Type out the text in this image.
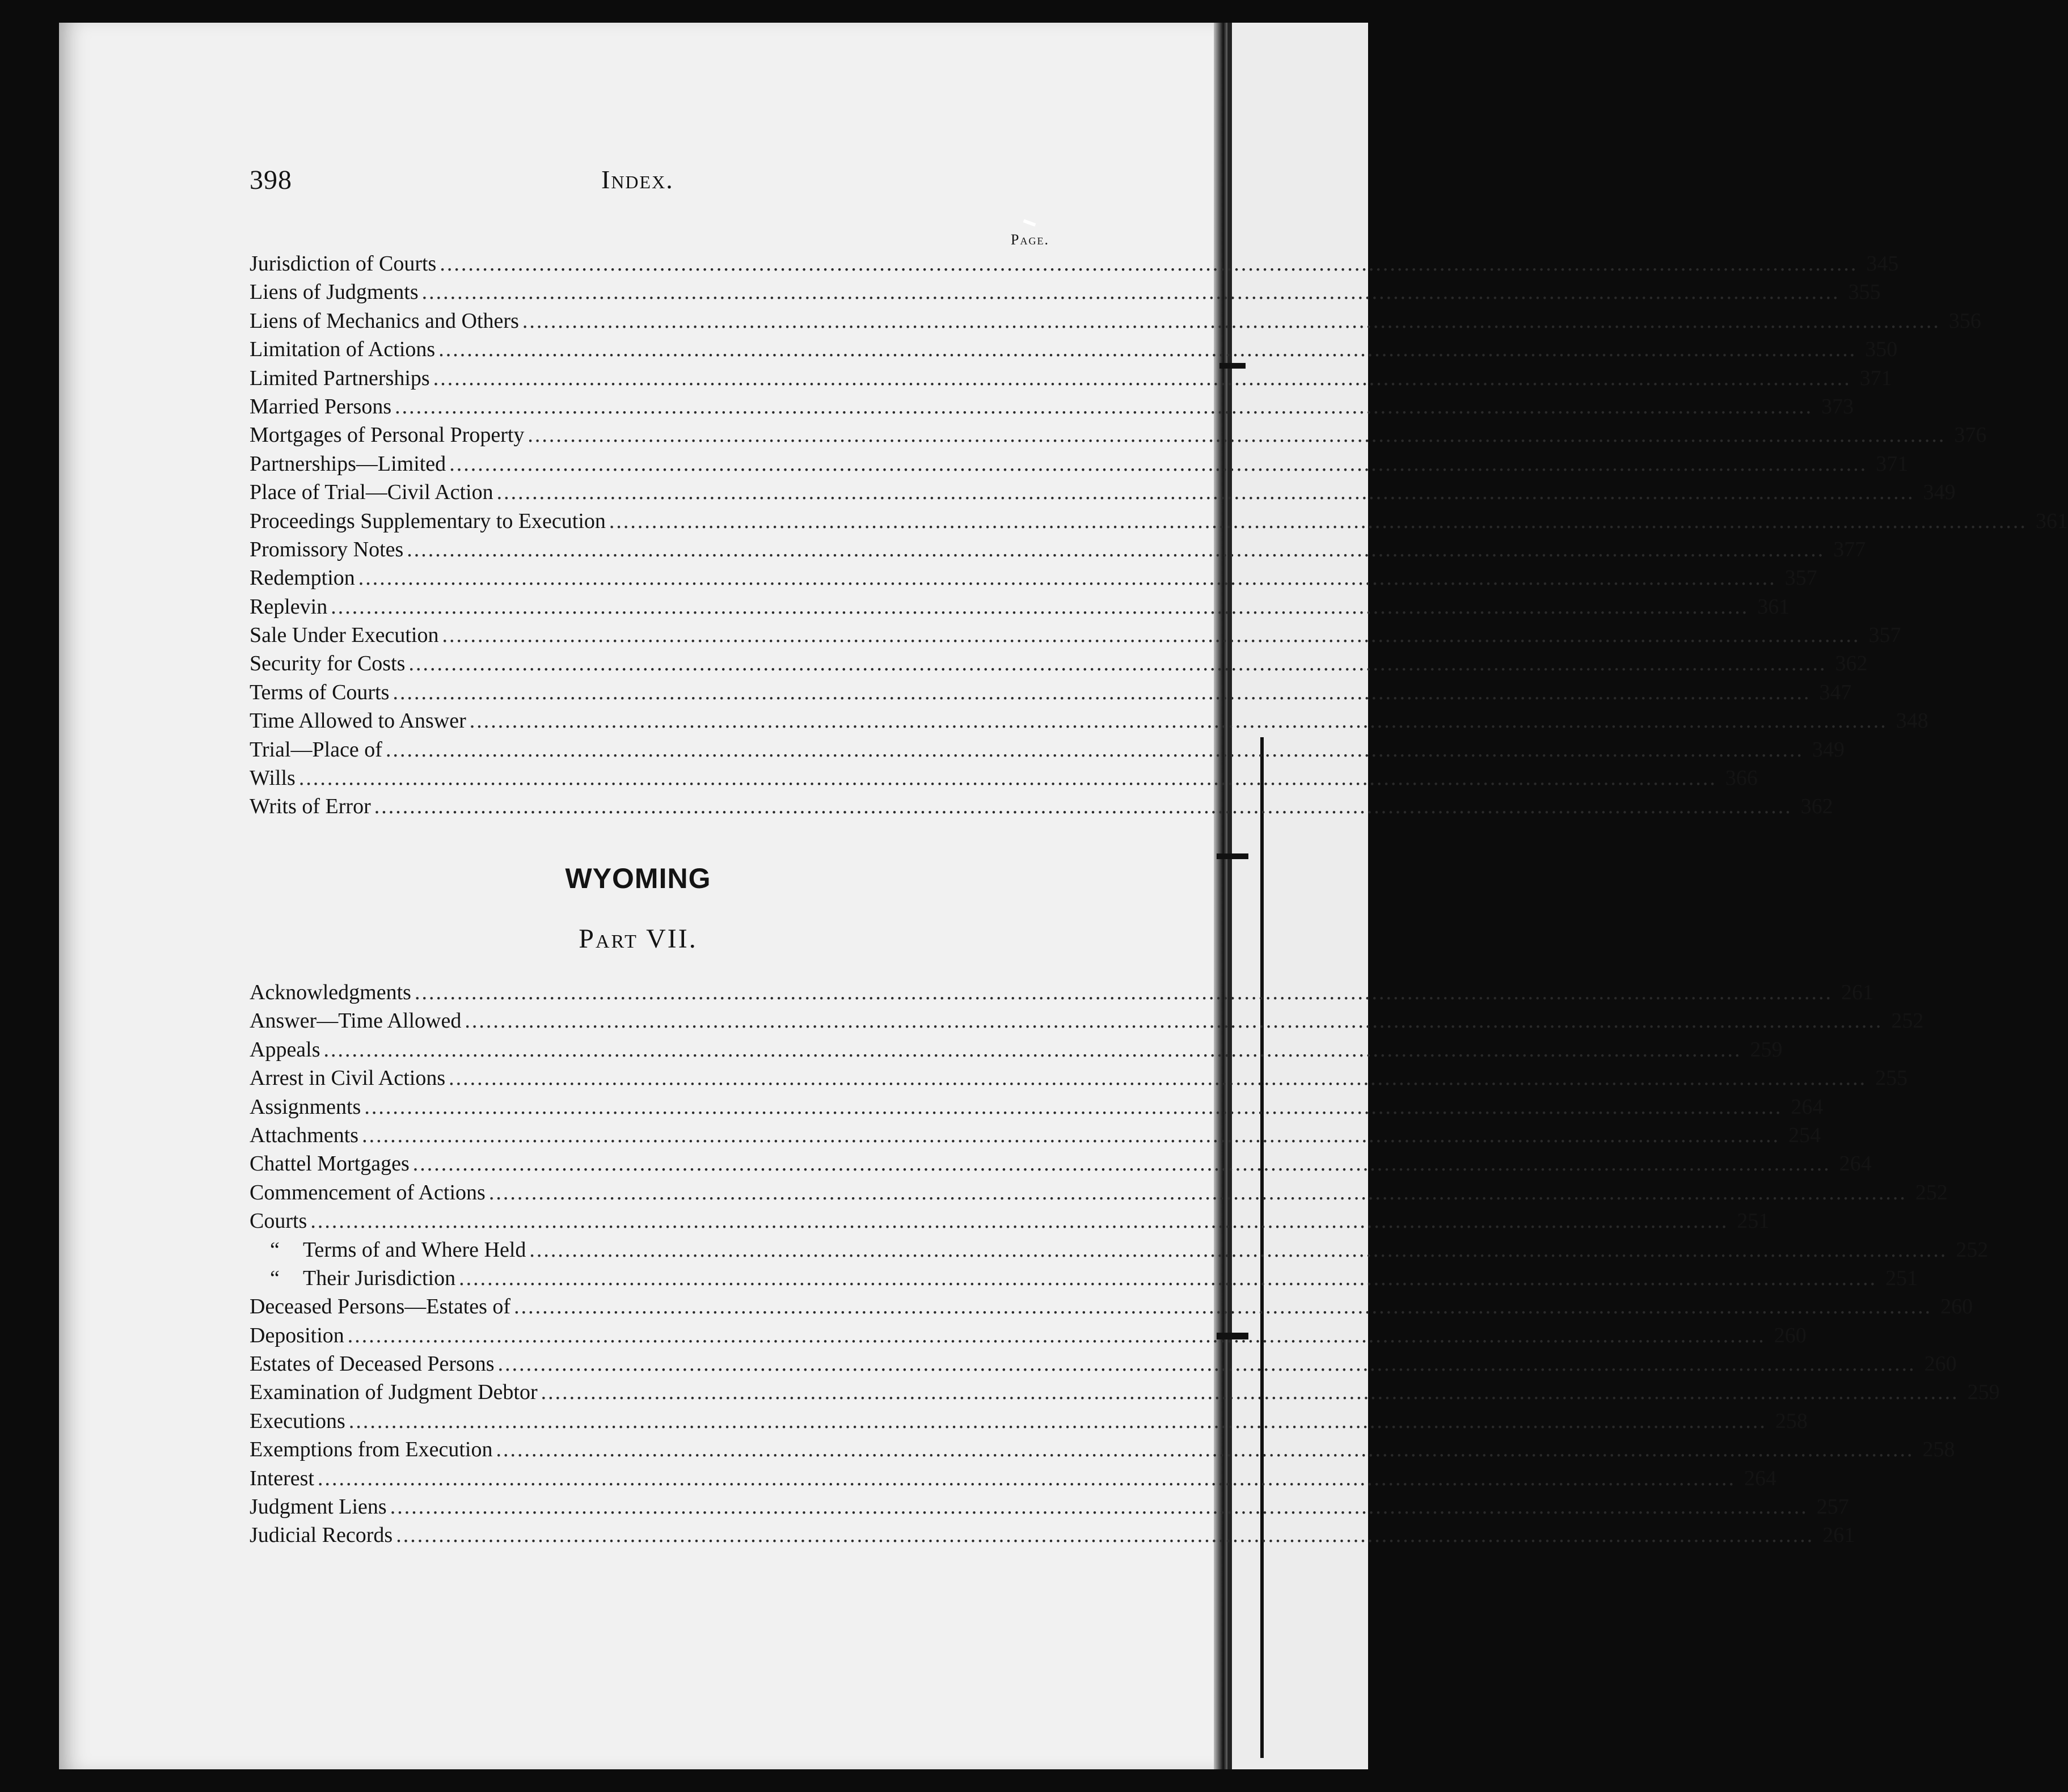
398	Index.
Page.
Jurisdiction of Courts ........................................................................................................................................................................................................ 345
Liens of Judgments ........................................................................................................................................................................................................ 355
Liens of Mechanics and Others ........................................................................................................................................................................................................ 356
Limitation of Actions ........................................................................................................................................................................................................ 350
Limited Partnerships ........................................................................................................................................................................................................ 371
Married Persons ........................................................................................................................................................................................................ 373
Mortgages of Personal Property ........................................................................................................................................................................................................ 376
Partnerships—Limited ........................................................................................................................................................................................................ 371
Place of Trial—Civil Action ........................................................................................................................................................................................................ 349
Proceedings Supplementary to Execution ........................................................................................................................................................................................................ 361
Promissory Notes ........................................................................................................................................................................................................ 377
Redemption ........................................................................................................................................................................................................ 357
Replevin ........................................................................................................................................................................................................ 361
Sale Under Execution ........................................................................................................................................................................................................ 357
Security for Costs ........................................................................................................................................................................................................ 362
Terms of Courts ........................................................................................................................................................................................................ 347
Time Allowed to Answer ........................................................................................................................................................................................................ 348
Trial—Place of ........................................................................................................................................................................................................ 349
Wills ........................................................................................................................................................................................................ 366
Writs of Error ........................................................................................................................................................................................................ 362
WYOMING
Part VII.
Acknowledgments ........................................................................................................................................................................................................ 261
Answer—Time Allowed ........................................................................................................................................................................................................ 252
Appeals ........................................................................................................................................................................................................ 259
Arrest in Civil Actions ........................................................................................................................................................................................................ 255
Assignments ........................................................................................................................................................................................................ 264
Attachments ........................................................................................................................................................................................................ 254
Chattel Mortgages ........................................................................................................................................................................................................ 264
Commencement of Actions ........................................................................................................................................................................................................ 252
Courts ........................................................................................................................................................................................................ 251
“ Terms of and Where Held ........................................................................................................................................................................................................ 252
“ Their Jurisdiction ........................................................................................................................................................................................................ 251
Deceased Persons—Estates of ........................................................................................................................................................................................................ 260
Deposition ........................................................................................................................................................................................................ 260
Estates of Deceased Persons ........................................................................................................................................................................................................ 260
Examination of Judgment Debtor ........................................................................................................................................................................................................ 259
Executions ........................................................................................................................................................................................................ 258
Exemptions from Execution ........................................................................................................................................................................................................ 258
Interest ........................................................................................................................................................................................................ 264
Judgment Liens ........................................................................................................................................................................................................ 257
Judicial Records ........................................................................................................................................................................................................ 261
